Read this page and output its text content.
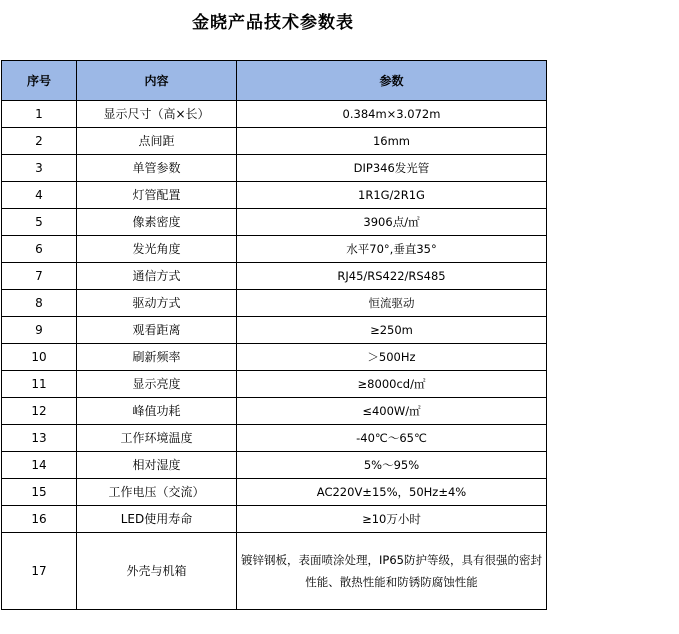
金晓产品技术参数表
序号	内容	参数
1	显示尺寸（高×长）	0.384m×3.072m
2	点间距	16mm
3	单管参数	DIP346发光管
4	灯管配置	1R1G/2R1G
5	像素密度	3906点/㎡
6	发光角度	水平70°,垂直35°
7	通信方式	RJ45/RS422/RS485
8	驱动方式	恒流驱动
9	观看距离	≥250m
10	刷新频率	＞500Hz
11	显示亮度	≥8000cd/㎡
12	峰值功耗	≤400W/㎡
13	工作环境温度	-40℃～65℃
14	相对湿度	5%～95%
15	工作电压（交流）	AC220V±15%，50Hz±4%
16	LED使用寿命	≥10万小时
17	外壳与机箱	镀锌钢板，表面喷涂处理，IP65防护等级，具有很强的密封性能、散热性能和防锈防腐蚀性能
